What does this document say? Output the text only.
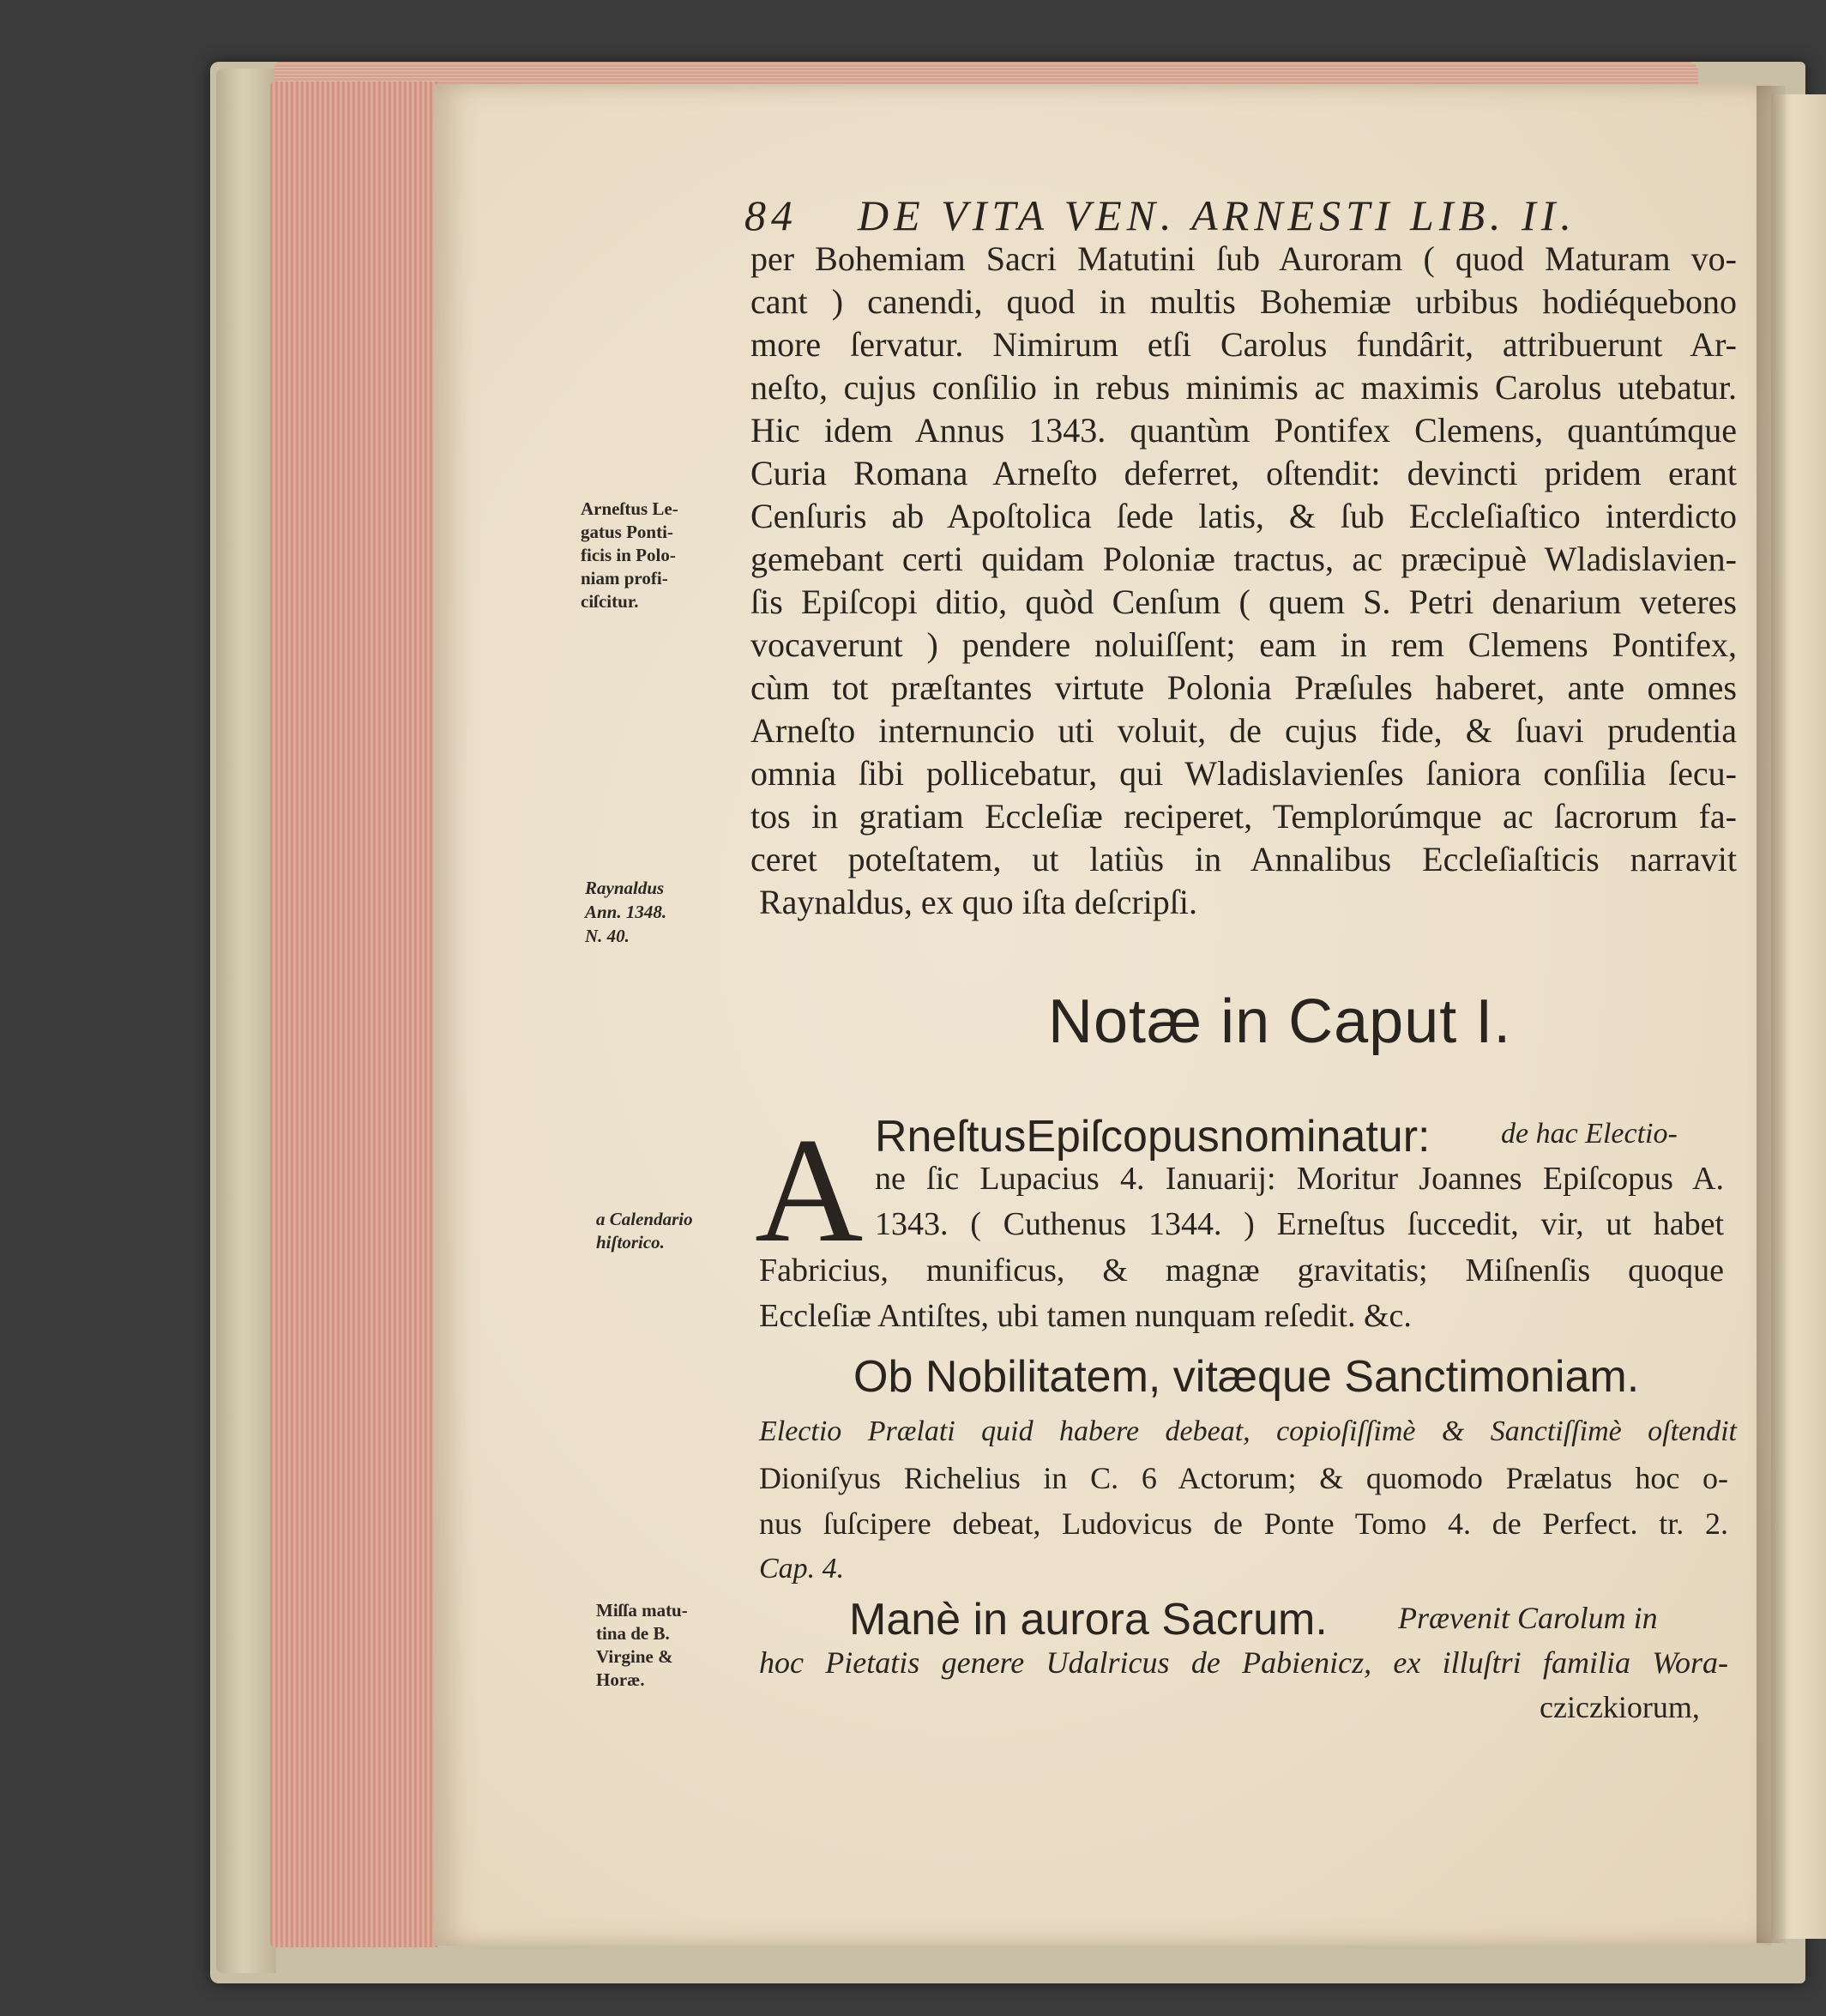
84 DE VITA VEN. ARNESTI LIB. II.
per Bohemiam Sacri Matutini ſub Auroram ( quod Maturam vo-
cant ) canendi, quod in multis Bohemiæ urbibus hodiéquebono
more ſervatur. Nimirum etſi Carolus fundârit, attribuerunt Ar-
neſto, cujus conſilio in rebus minimis ac maximis Carolus utebatur.
Hic idem Annus 1343. quantùm Pontifex Clemens, quantúmque
Curia Romana Arneſto deferret, oſtendit: devincti pridem erant
Cenſuris ab Apoſtolica ſede latis, & ſub Eccleſiaſtico interdicto
gemebant certi quidam Poloniæ tractus, ac præcipuè Wladislavien-
ſis Epiſcopi ditio, quòd Cenſum ( quem S. Petri denarium veteres
vocaverunt ) pendere noluiſſent; eam in rem Clemens Pontifex,
cùm tot præſtantes virtute Polonia Præſules haberet, ante omnes
Arneſto internuncio uti voluit, de cujus fide, & ſuavi prudentia
omnia ſibi pollicebatur, qui Wladislavienſes ſaniora conſilia ſecu-
tos in gratiam Eccleſiæ reciperet, Templorúmque ac ſacrorum fa-
ceret poteſtatem, ut latiùs in Annalibus Eccleſiaſticis narravit
Raynaldus, ex quo iſta deſcripſi.
Arneſtus Le-
gatus Ponti-
ficis in Polo-
niam profi-
ciſcitur.
Raynaldus
Ann. 1348.
N. 40.
a Calendario
hiſtorico.
Miſſa matu-
tina de B.
Virgine &
Horæ.
Notæ in Caput I.
A RneſtusEpiſcopusnominatur: de hac Electio-
ne ſic Lupacius 4. Ianuarij: Moritur Joannes Epiſcopus A.
1343. ( Cuthenus 1344. ) Erneſtus ſuccedit, vir, ut habet
Fabricius, munificus, & magnæ gravitatis; Miſnenſis quoque
Eccleſiæ Antiſtes, ubi tamen nunquam reſedit. &c.
Ob Nobilitatem, vitæque Sanctimoniam.
Electio Prælati quid habere debeat, copioſiſſimè & Sanctiſſimè oſtendit
Dioniſyus Richelius in C. 6 Actorum; & quomodo Prælatus hoc o-
nus ſuſcipere debeat, Ludovicus de Ponte Tomo 4. de Perfect. tr. 2.
Cap. 4.
Manè in aurora Sacrum. Prævenit Carolum in
hoc Pietatis genere Udalricus de Pabienicz, ex illuſtri familia Wora-
cziczkiorum,
